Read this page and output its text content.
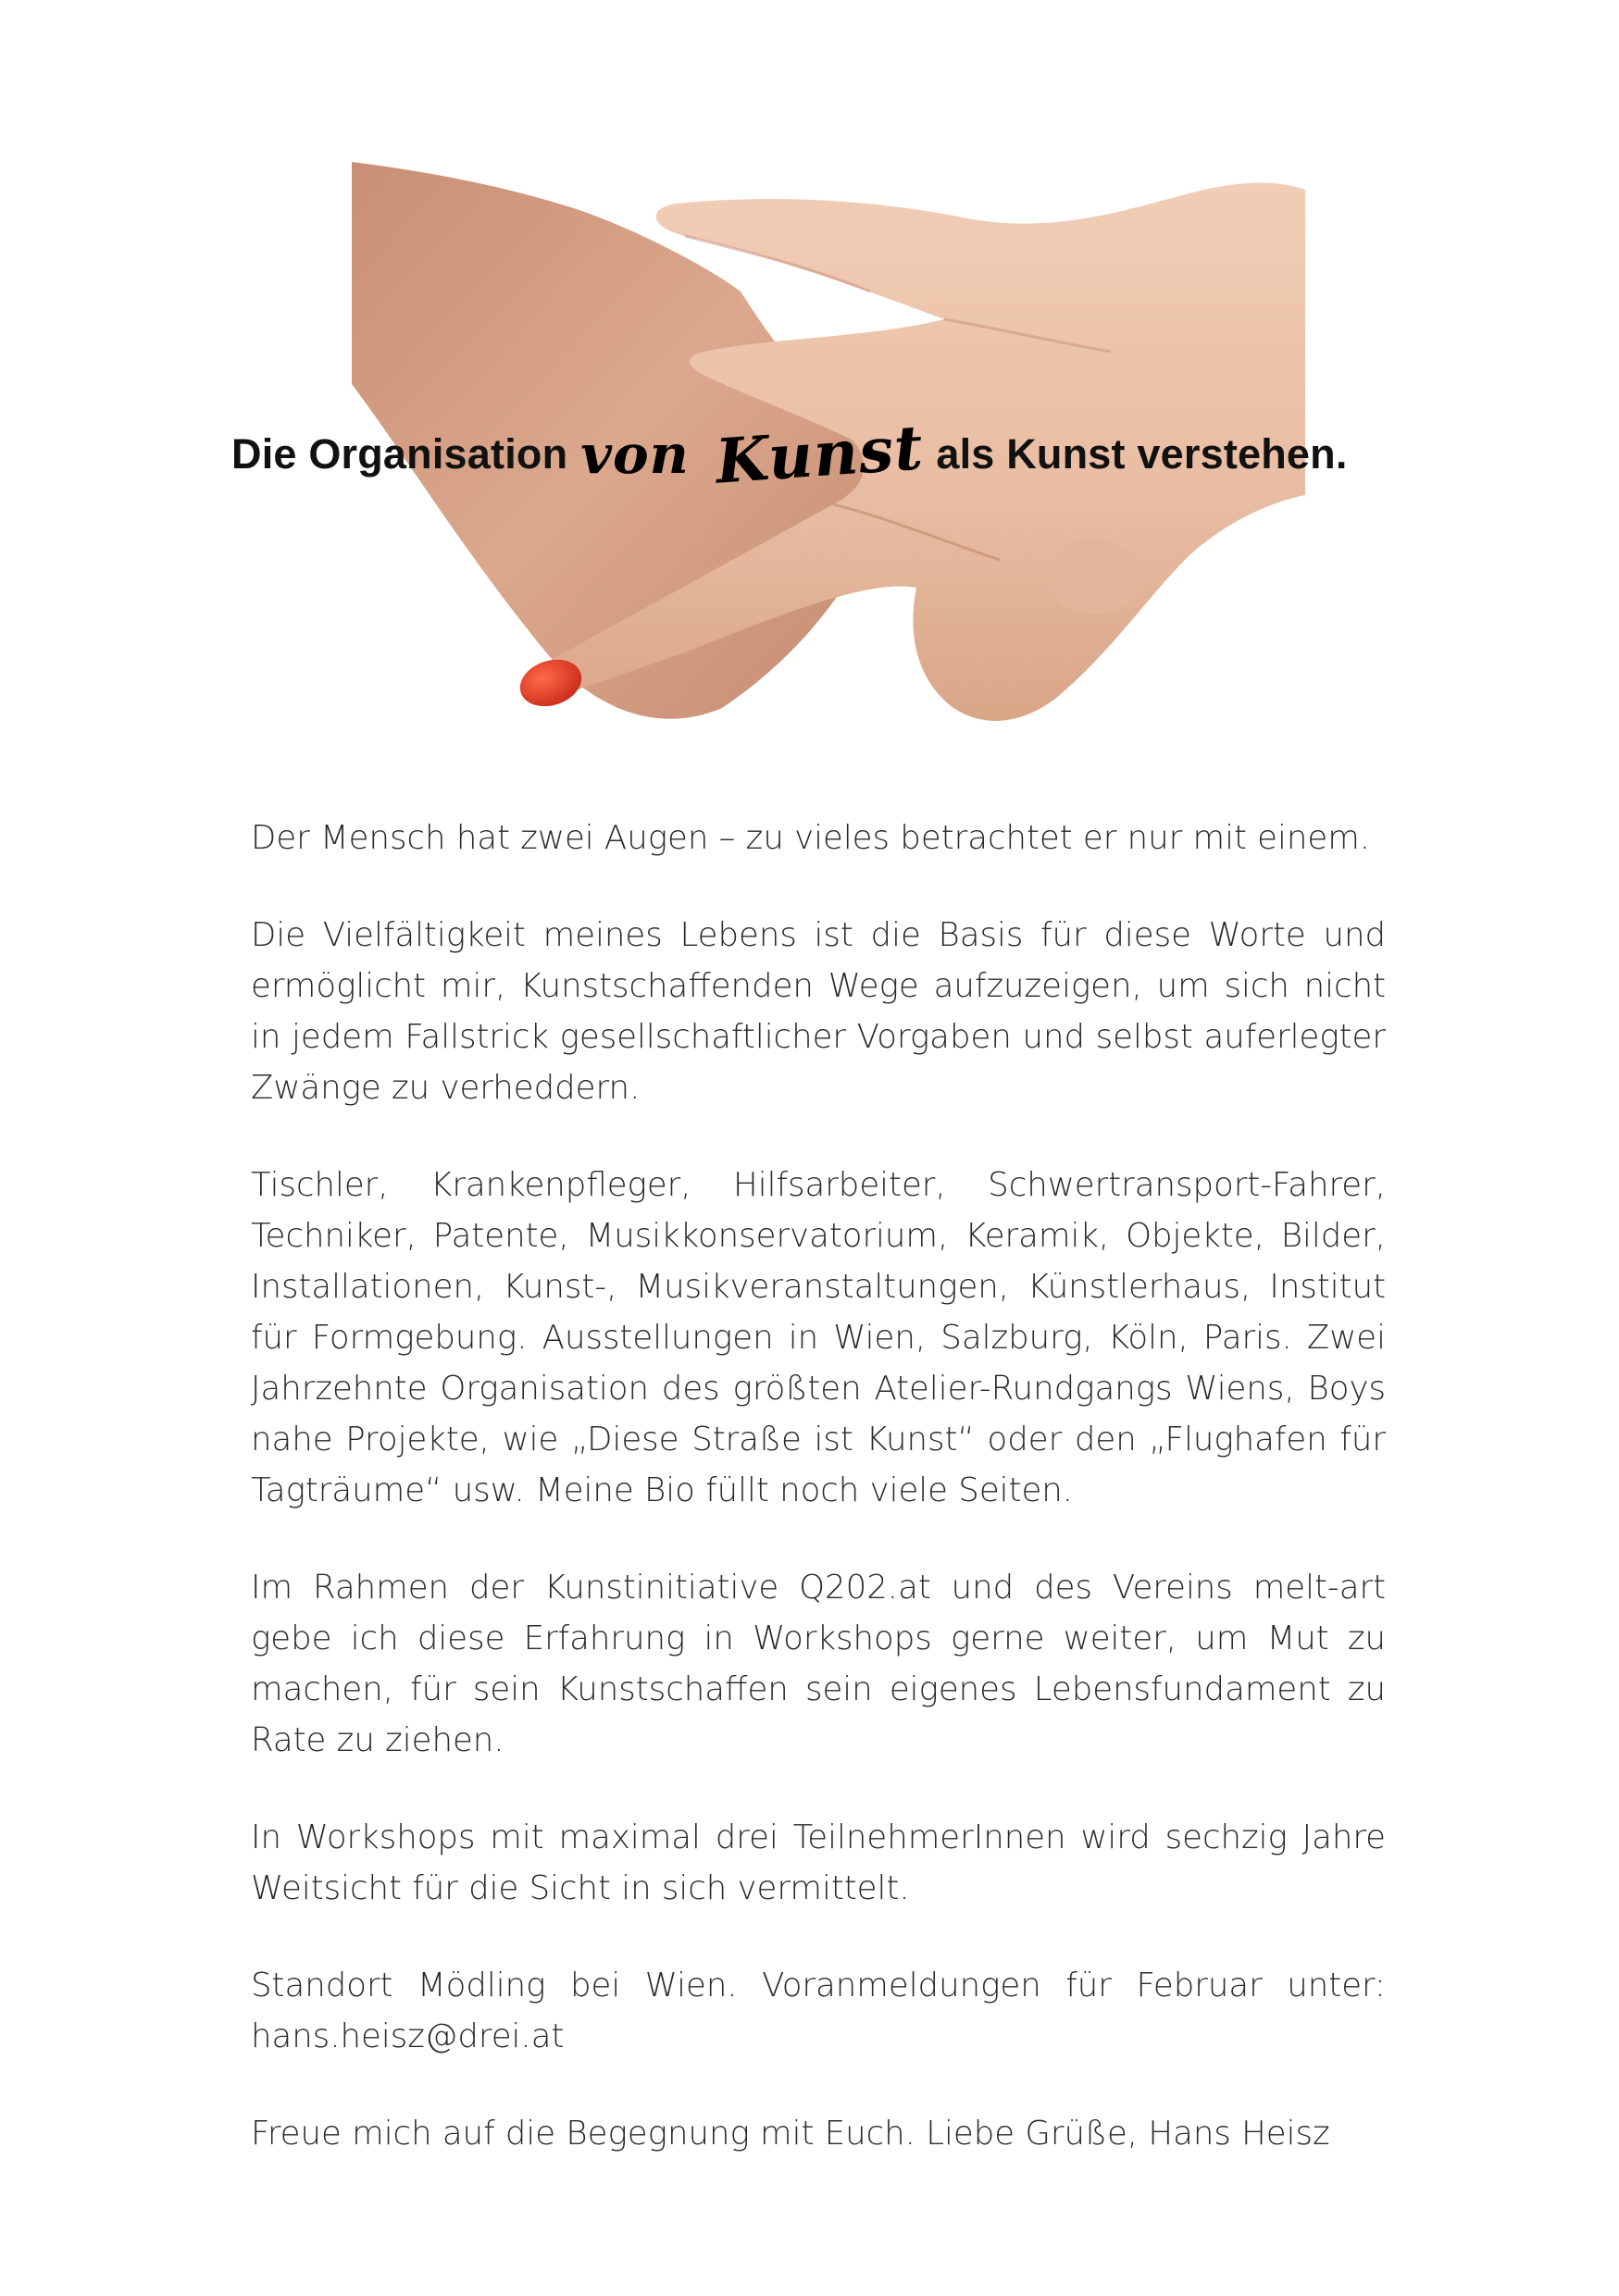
Die Organisation von Kunst als Kunst verstehen.

Der Mensch hat zwei Augen – zu vieles betrachtet er nur mit einem.

Die Vielfältigkeit meines Lebens ist die Basis für diese Worte und ermöglicht mir, Kunstschaffenden Wege aufzuzeigen, um sich nicht in jedem Fallstrick gesellschaftlicher Vorgaben und selbst auferlegter Zwänge zu verheddern.

Tischler, Krankenpfleger, Hilfsarbeiter, Schwertransport-Fahrer, Techniker, Patente, Musikkonservatorium, Keramik, Objekte, Bilder, Installationen, Kunst-, Musikveranstaltungen, Künstlerhaus, Institut für Formgebung. Ausstellungen in Wien, Salzburg, Köln, Paris. Zwei Jahrzehnte Organisation des größten Atelier-Rundgangs Wiens, Boys nahe Projekte, wie „Diese Straße ist Kunst“ oder den „Flughafen für Tagträume“ usw. Meine Bio füllt noch viele Seiten.

Im Rahmen der Kunstinitiative Q202.at und des Vereins melt-art gebe ich diese Erfahrung in Workshops gerne weiter, um Mut zu machen, für sein Kunstschaffen sein eigenes Lebensfundament zu Rate zu ziehen.

In Workshops mit maximal drei TeilnehmerInnen wird sechzig Jahre Weitsicht für die Sicht in sich vermittelt.

Standort Mödling bei Wien. Voranmeldungen für Februar unter: hans.heisz@drei.at

Freue mich auf die Begegnung mit Euch. Liebe Grüße, Hans Heisz
